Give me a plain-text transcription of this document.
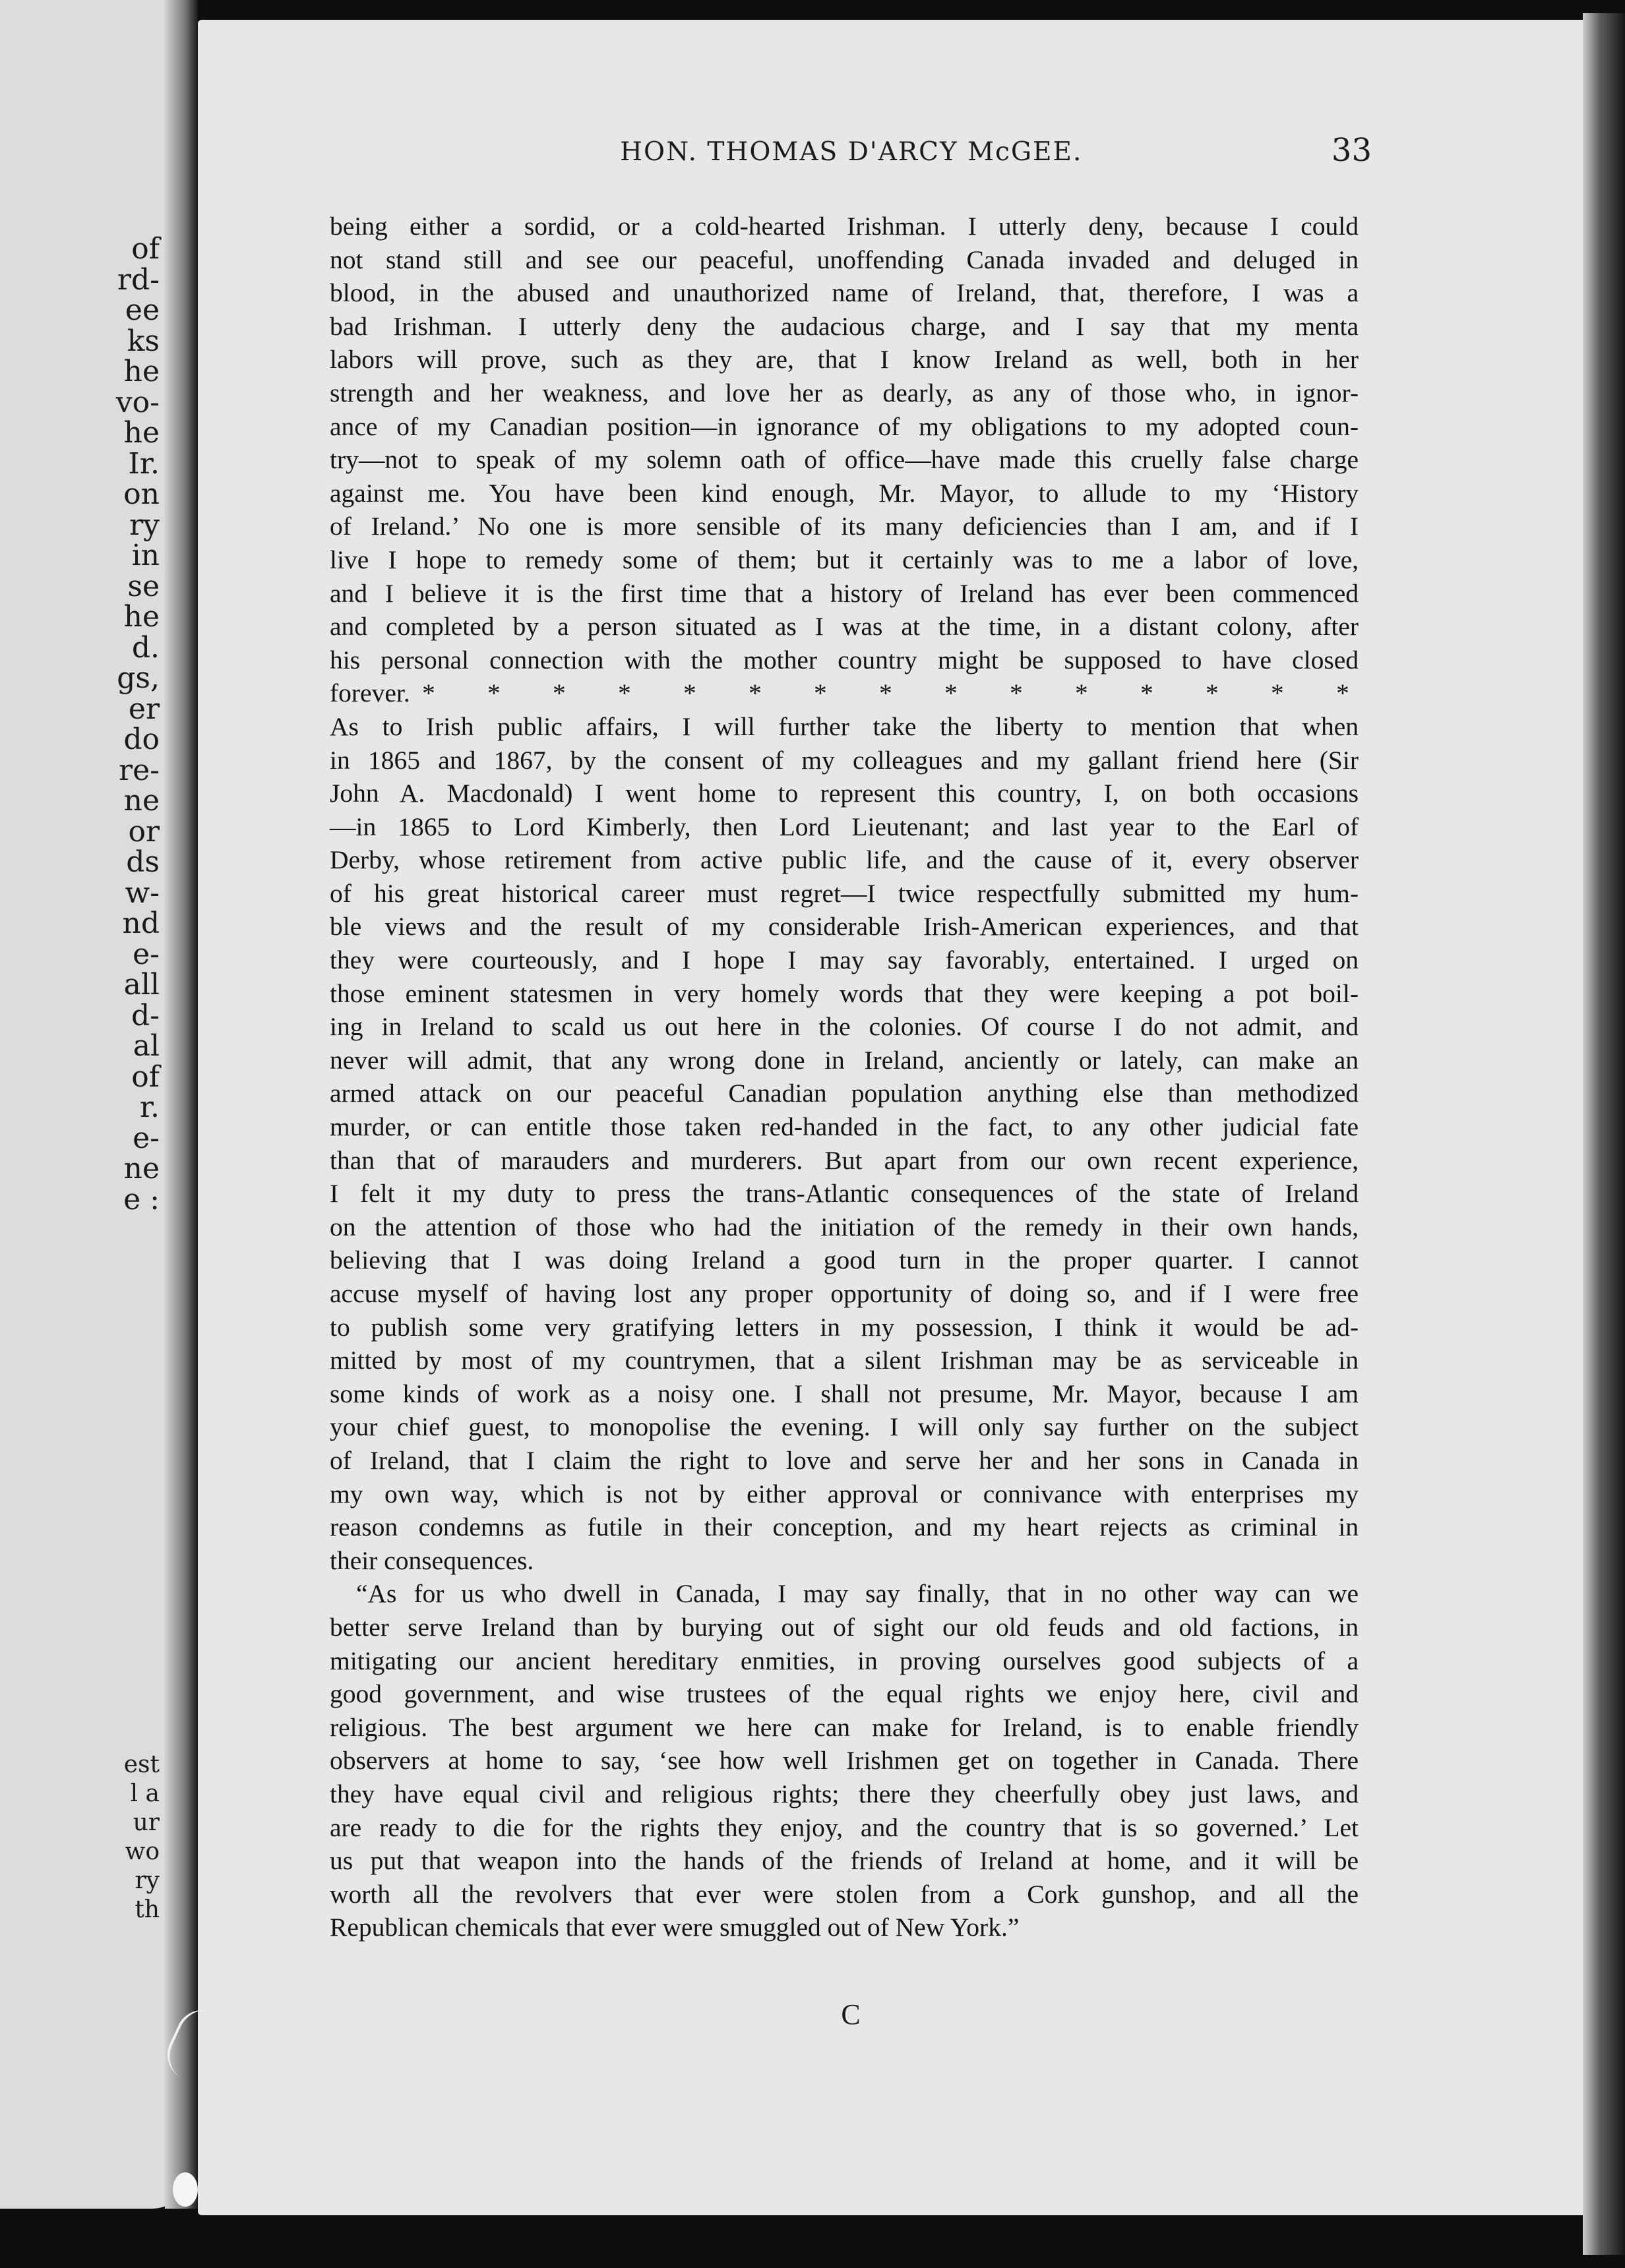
of
rd-
ee
ks
he
vo-
he
Ir.
on
ry
in
se
he
d.
gs,
er
do
re-
ne
or
ds
w-
nd
e-
all
d-
al
of
r.
e-
ne
e :
est
l a
ur
wo
ry
th
HON. THOMAS D'ARCY McGEE.	33
being either a sordid, or a cold-hearted Irishman. I utterly deny, because I could
not stand still and see our peaceful, unoffending Canada invaded and deluged in
blood, in the abused and unauthorized name of Ireland, that, therefore, I was a
bad Irishman. I utterly deny the audacious charge, and I say that my menta
labors will prove, such as they are, that I know Ireland as well, both in her
strength and her weakness, and love her as dearly, as any of those who, in ignor-
ance of my Canadian position—in ignorance of my obligations to my adopted coun-
try—not to speak of my solemn oath of office—have made this cruelly false charge
against me. You have been kind enough, Mr. Mayor, to allude to my ‘History
of Ireland.’ No one is more sensible of its many deficiencies than I am, and if I
live I hope to remedy some of them; but it certainly was to me a labor of love,
and I believe it is the first time that a history of Ireland has ever been commenced
and completed by a person situated as I was at the time, in a distant colony, after
his personal connection with the mother country might be supposed to have closed
forever. * * * * * * * * * * * * * * *
As to Irish public affairs, I will further take the liberty to mention that when
in 1865 and 1867, by the consent of my colleagues and my gallant friend here (Sir
John A. Macdonald) I went home to represent this country, I, on both occasions
—in 1865 to Lord Kimberly, then Lord Lieutenant; and last year to the Earl of
Derby, whose retirement from active public life, and the cause of it, every observer
of his great historical career must regret—I twice respectfully submitted my hum-
ble views and the result of my considerable Irish-American experiences, and that
they were courteously, and I hope I may say favorably, entertained. I urged on
those eminent statesmen in very homely words that they were keeping a pot boil-
ing in Ireland to scald us out here in the colonies. Of course I do not admit, and
never will admit, that any wrong done in Ireland, anciently or lately, can make an
armed attack on our peaceful Canadian population anything else than methodized
murder, or can entitle those taken red-handed in the fact, to any other judicial fate
than that of marauders and murderers. But apart from our own recent experience,
I felt it my duty to press the trans-Atlantic consequences of the state of Ireland
on the attention of those who had the initiation of the remedy in their own hands,
believing that I was doing Ireland a good turn in the proper quarter. I cannot
accuse myself of having lost any proper opportunity of doing so, and if I were free
to publish some very gratifying letters in my possession, I think it would be ad-
mitted by most of my countrymen, that a silent Irishman may be as serviceable in
some kinds of work as a noisy one. I shall not presume, Mr. Mayor, because I am
your chief guest, to monopolise the evening. I will only say further on the subject
of Ireland, that I claim the right to love and serve her and her sons in Canada in
my own way, which is not by either approval or connivance with enterprises my
reason condemns as futile in their conception, and my heart rejects as criminal in
their consequences.
“As for us who dwell in Canada, I may say finally, that in no other way can we
better serve Ireland than by burying out of sight our old feuds and old factions, in
mitigating our ancient hereditary enmities, in proving ourselves good subjects of a
good government, and wise trustees of the equal rights we enjoy here, civil and
religious. The best argument we here can make for Ireland, is to enable friendly
observers at home to say, ‘see how well Irishmen get on together in Canada. There
they have equal civil and religious rights; there they cheerfully obey just laws, and
are ready to die for the rights they enjoy, and the country that is so governed.’ Let
us put that weapon into the hands of the friends of Ireland at home, and it will be
worth all the revolvers that ever were stolen from a Cork gunshop, and all the
Republican chemicals that ever were smuggled out of New York.”
C
